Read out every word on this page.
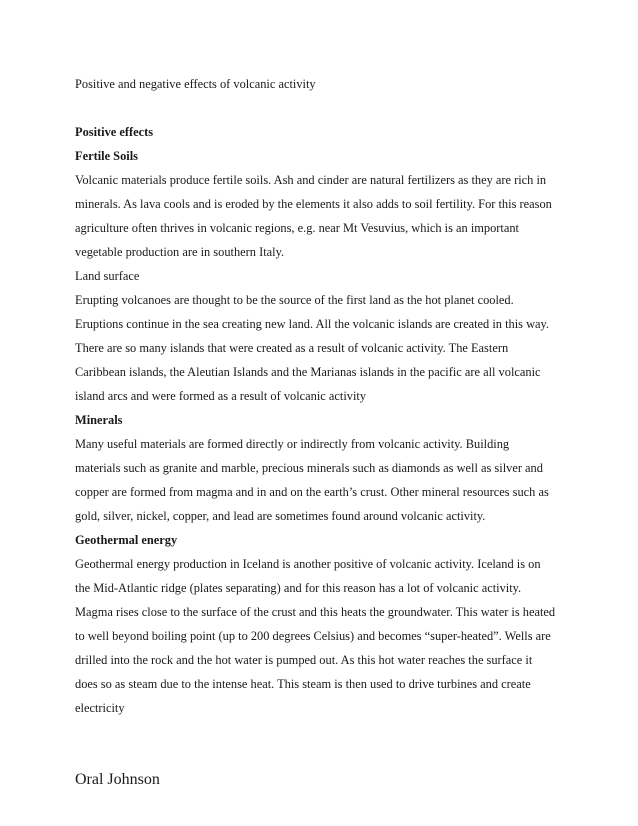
Positive and negative effects of volcanic activity
Positive effects
Fertile Soils
Volcanic materials produce fertile soils. Ash and cinder are natural fertilizers as they are rich in
minerals. As lava cools and is eroded by the elements it also adds to soil fertility. For this reason
agriculture often thrives in volcanic regions, e.g. near Mt Vesuvius, which is an important
vegetable production are in southern Italy.
Land surface
Erupting volcanoes are thought to be the source of the first land as the hot planet cooled.
Eruptions continue in the sea creating new land. All the volcanic islands are created in this way.
There are so many islands that were created as a result of volcanic activity. The Eastern
Caribbean islands, the Aleutian Islands and the Marianas islands in the pacific are all volcanic
island arcs and were formed as a result of volcanic activity
Minerals
Many useful materials are formed directly or indirectly from volcanic activity. Building
materials such as granite and marble, precious minerals such as diamonds as well as silver and
copper are formed from magma and in and on the earth’s crust. Other mineral resources such as
gold, silver, nickel, copper, and lead are sometimes found around volcanic activity.
Geothermal energy
Geothermal energy production in Iceland is another positive of volcanic activity. Iceland is on
the Mid-Atlantic ridge (plates separating) and for this reason has a lot of volcanic activity.
Magma rises close to the surface of the crust and this heats the groundwater. This water is heated
to well beyond boiling point (up to 200 degrees Celsius) and becomes “super-heated”. Wells are
drilled into the rock and the hot water is pumped out. As this hot water reaches the surface it
does so as steam due to the intense heat. This steam is then used to drive turbines and create
electricity
Oral Johnson
